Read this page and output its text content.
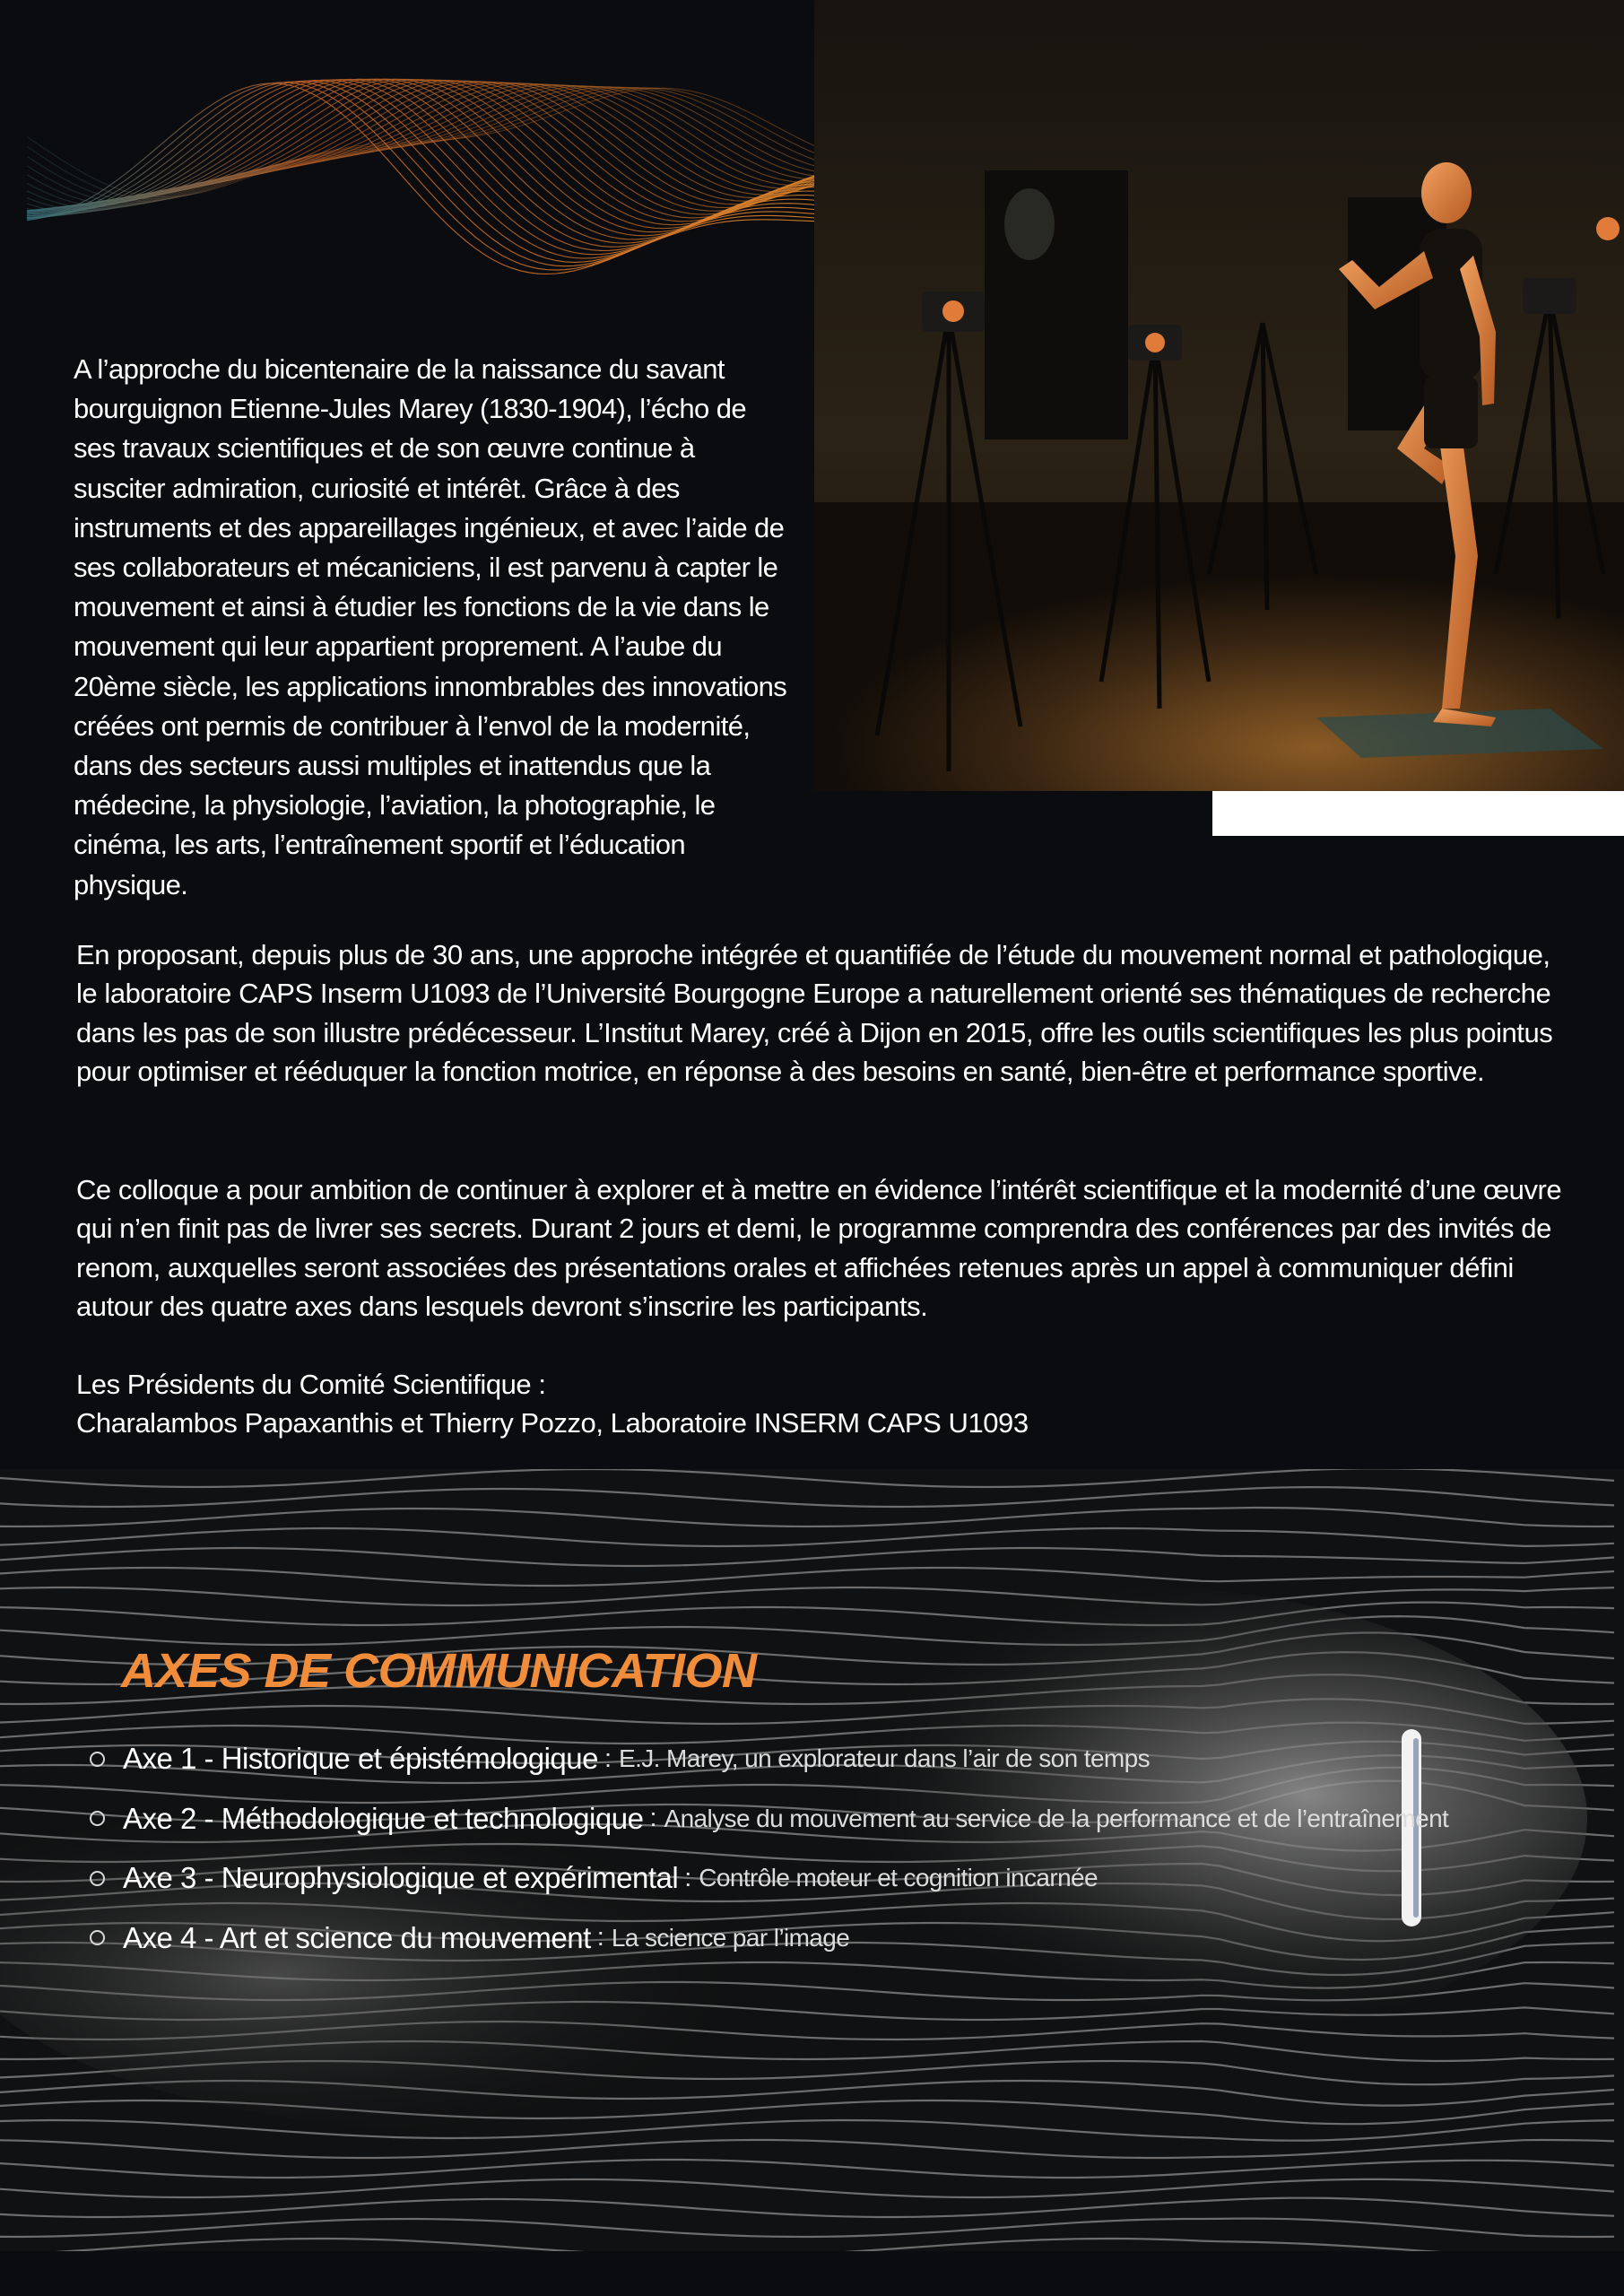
A l’approche du bicentenaire de la naissance du savant bourguignon Etienne-Jules Marey (1830-1904), l’écho de ses travaux scientifiques et de son œuvre continue à susciter admiration, curiosité et intérêt. Grâce à des instruments et des appareillages ingénieux, et avec l’aide de ses collaborateurs et mécaniciens, il est parvenu à capter le mouvement et ainsi à étudier les fonctions de la vie dans le mouvement qui leur appartient proprement. A l’aube du 20ème siècle, les applications innombrables des innovations créées ont permis de contribuer à l’envol de la modernité, dans des secteurs aussi multiples et inattendus que la médecine, la physiologie, l’aviation, la photographie, le cinéma, les arts, l’entraînement sportif et l’éducation physique.

En proposant, depuis plus de 30 ans, une approche intégrée et quantifiée de l’étude du mouvement normal et pathologique, le laboratoire CAPS Inserm U1093 de l’Université Bourgogne Europe a naturellement orienté ses thématiques de recherche dans les pas de son illustre prédécesseur. L’Institut Marey, créé à Dijon en 2015, offre les outils scientifiques les plus pointus pour optimiser et rééduquer la fonction motrice, en réponse à des besoins en santé, bien-être et performance sportive.

Ce colloque a pour ambition de continuer à explorer et à mettre en évidence l’intérêt scientifique et la modernité d’une œuvre qui n’en finit pas de livrer ses secrets. Durant 2 jours et demi, le programme comprendra des conférences par des invités de renom, auxquelles seront associées des présentations orales et affichées retenues après un appel à communiquer défini autour des quatre axes dans lesquels devront s’inscrire les participants.

Les Présidents du Comité Scientifique :
Charalambos Papaxanthis et Thierry Pozzo, Laboratoire INSERM CAPS U1093
AXES DE COMMUNICATION
Axe 1 - Historique et épistémologique : E.J. Marey, un explorateur dans l’air de son temps
Axe 2 - Méthodologique et technologique : Analyse du mouvement au service de la performance et de l’entraînement
Axe 3 - Neurophysiologique et expérimental : Contrôle moteur et cognition incarnée
Axe 4 - Art et science du mouvement : La science par l’image
